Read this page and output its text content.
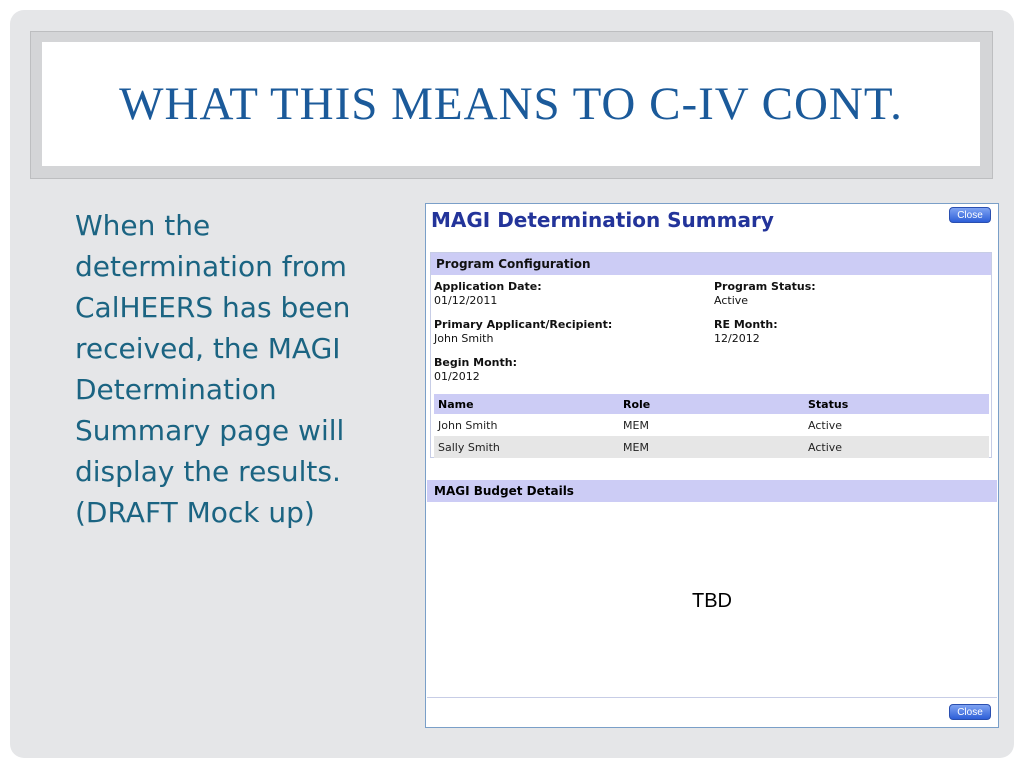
WHAT THIS MEANS TO C-IV CONT.
When the determination from CalHEERS has been received, the MAGI Determination Summary page will display the results. (DRAFT Mock up)
MAGI Determination Summary	Close
Program Configuration
Application Date:
01/12/2011
Program Status:
Active
Primary Applicant/Recipient:
John Smith
RE Month:
12/2012
Begin Month:
01/2012
Name	Role	Status
John Smith	MEM	Active
Sally Smith	MEM	Active
MAGI Budget Details
TBD
Close
